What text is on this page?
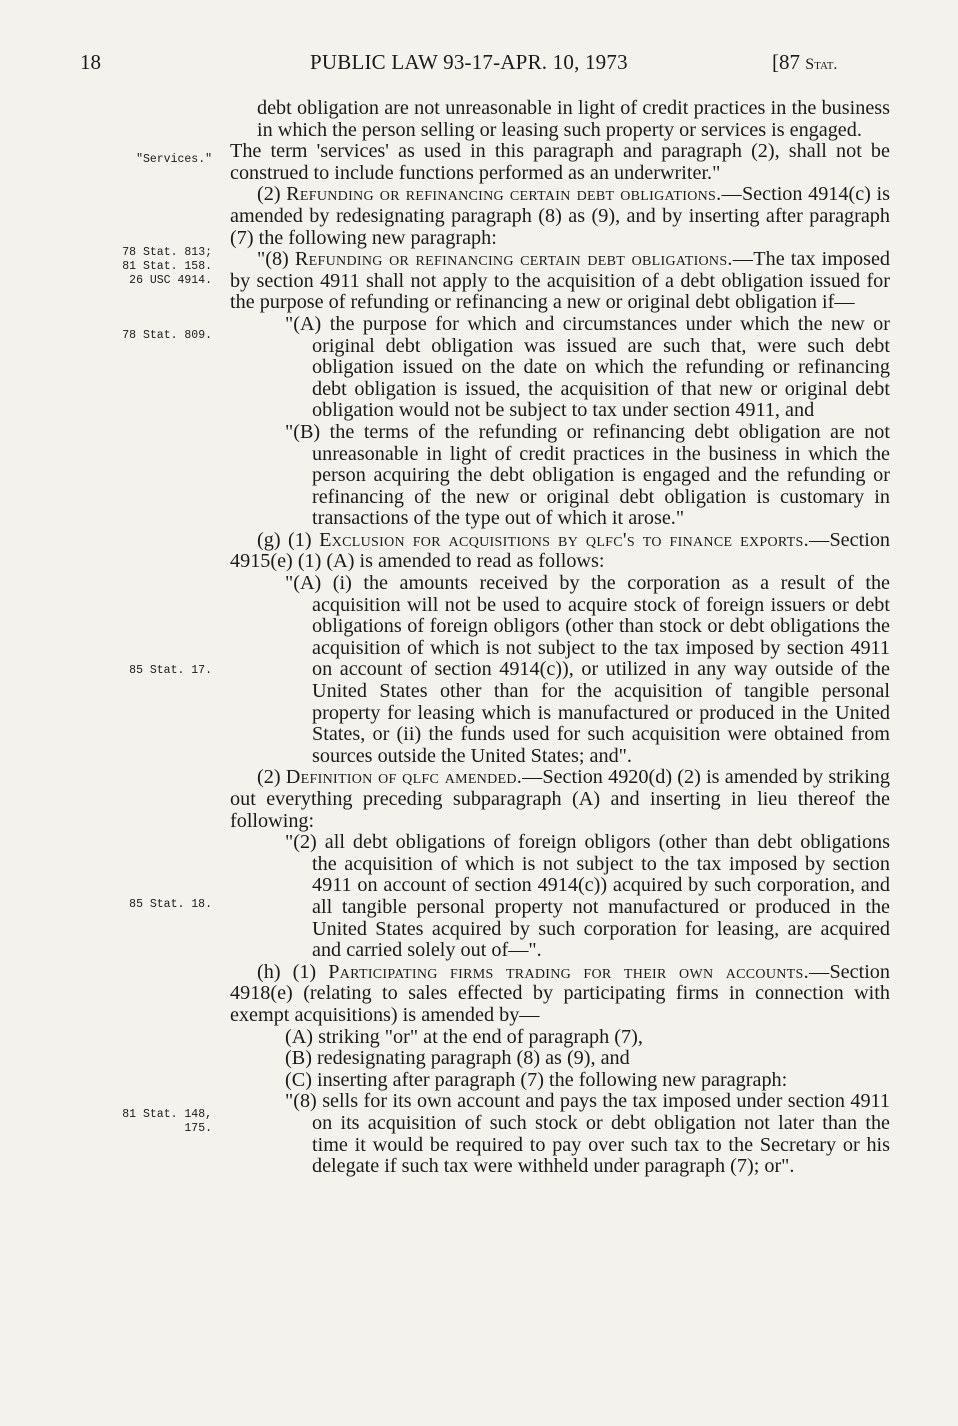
18	PUBLIC LAW 93-17-APR. 10, 1973	[87 Stat.
"Services."
78 Stat. 813;
81 Stat. 158.
26 USC 4914.
78 Stat. 809.
85 Stat. 17.
85 Stat. 18.
81 Stat. 148,
175.

debt obligation are not unreasonable in light of credit practices in the business in which the person selling or leasing such property or services is engaged.

The term 'services' as used in this paragraph and paragraph (2), shall not be construed to include functions performed as an underwriter."

(2) Refunding or refinancing certain debt obligations.—Section 4914(c) is amended by redesignating paragraph (8) as (9), and by inserting after paragraph (7) the following new paragraph:

"(8) Refunding or refinancing certain debt obligations.—The tax imposed by section 4911 shall not apply to the acquisition of a debt obligation issued for the purpose of refunding or refinancing a new or original debt obligation if—

"(A) the purpose for which and circumstances under which the new or original debt obligation was issued are such that, were such debt obligation issued on the date on which the refunding or refinancing debt obligation is issued, the acquisition of that new or original debt obligation would not be subject to tax under section 4911, and

"(B) the terms of the refunding or refinancing debt obligation are not unreasonable in light of credit practices in the business in which the person acquiring the debt obligation is engaged and the refunding or refinancing of the new or original debt obligation is customary in transactions of the type out of which it arose."

(g) (1) Exclusion for acquisitions by qlfc's to finance exports.—Section 4915(e) (1) (A) is amended to read as follows:

"(A) (i) the amounts received by the corporation as a result of the acquisition will not be used to acquire stock of foreign issuers or debt obligations of foreign obligors (other than stock or debt obligations the acquisition of which is not subject to the tax imposed by section 4911 on account of section 4914(c)), or utilized in any way outside of the United States other than for the acquisition of tangible personal property for leasing which is manufactured or produced in the United States, or (ii) the funds used for such acquisition were obtained from sources outside the United States; and".

(2) Definition of qlfc amended.—Section 4920(d) (2) is amended by striking out everything preceding subparagraph (A) and inserting in lieu thereof the following:

"(2) all debt obligations of foreign obligors (other than debt obligations the acquisition of which is not subject to the tax imposed by section 4911 on account of section 4914(c)) acquired by such corporation, and all tangible personal property not manufactured or produced in the United States acquired by such corporation for leasing, are acquired and carried solely out of—".

(h) (1) Participating firms trading for their own accounts.—Section 4918(e) (relating to sales effected by participating firms in connection with exempt acquisitions) is amended by—

(A) striking "or" at the end of paragraph (7),

(B) redesignating paragraph (8) as (9), and

(C) inserting after paragraph (7) the following new paragraph:

"(8) sells for its own account and pays the tax imposed under section 4911 on its acquisition of such stock or debt obligation not later than the time it would be required to pay over such tax to the Secretary or his delegate if such tax were withheld under paragraph (7); or".
